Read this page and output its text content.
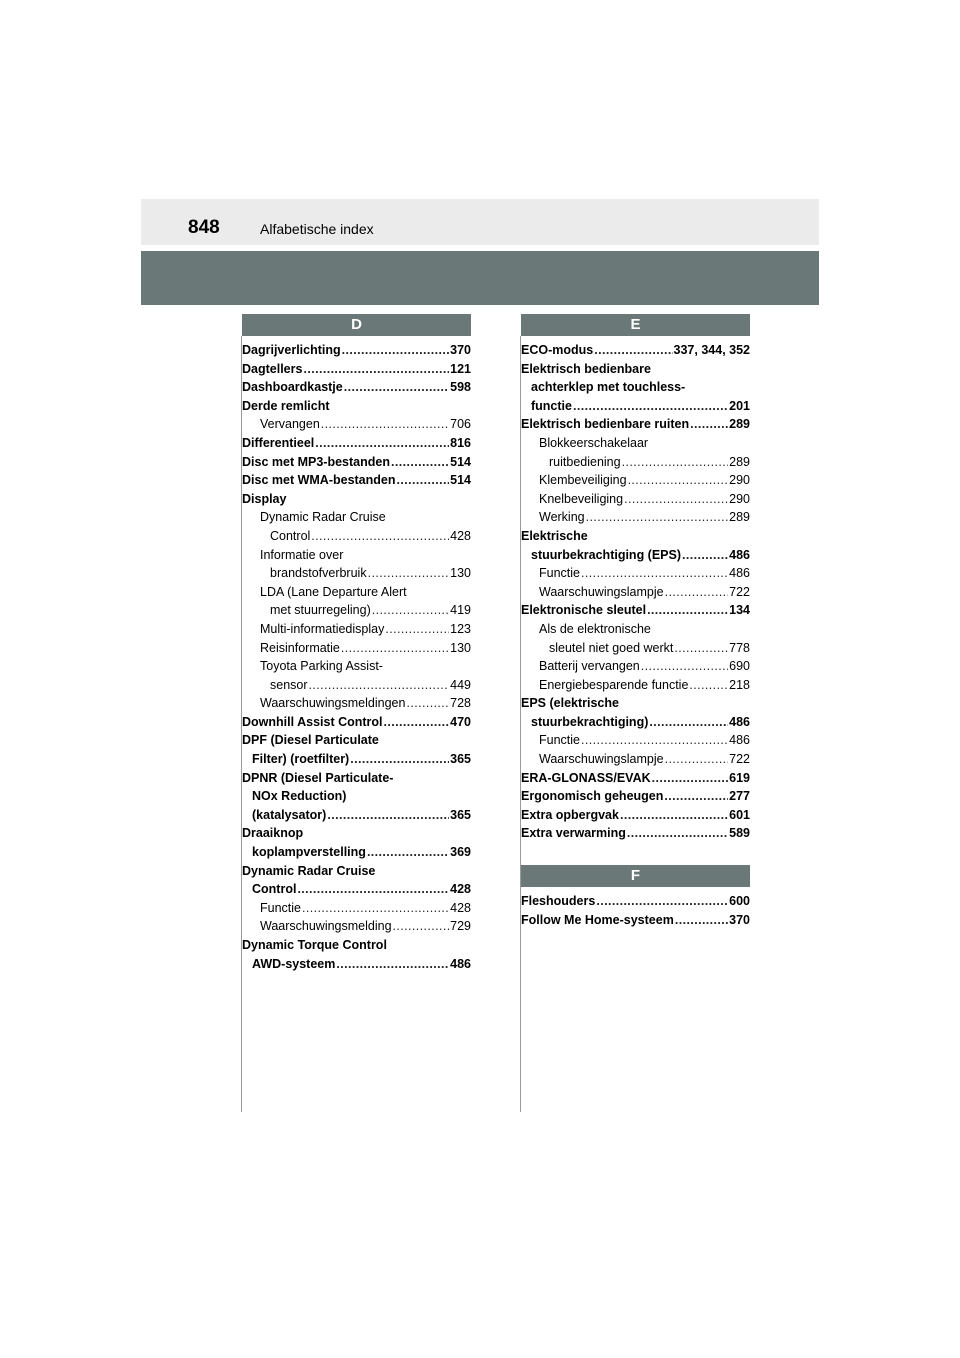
848	Alfabetische index
D
Dagrijverlichting .....	370
Dagtellers .....	121
Dashboardkastje .....	598
Derde remlicht
Vervangen .....	706
Differentieel .....	816
Disc met MP3-bestanden .....	514
Disc met WMA-bestanden .....	514
Display
Dynamic Radar Cruise
Control .....	428
Informatie over
brandstofverbruik .....	130
LDA (Lane Departure Alert
met stuurregeling) .....	419
Multi-informatiedisplay .....	123
Reisinformatie .....	130
Toyota Parking Assist-
sensor .....	449
Waarschuwingsmeldingen .....	728
Downhill Assist Control .....	470
DPF (Diesel Particulate
Filter) (roetfilter) .....	365
DPNR (Diesel Particulate-
NOx Reduction)
(katalysator) .....	365
Draaiknop
koplampverstelling .....	369
Dynamic Radar Cruise
Control .....	428
Functie .....	428
Waarschuwingsmelding .....	729
Dynamic Torque Control
AWD-systeem .....	486
E
ECO-modus .....	337, 344, 352
Elektrisch bedienbare
achterklep met touchless-
functie .....	201
Elektrisch bedienbare ruiten .....	289
Blokkeerschakelaar
ruitbediening .....	289
Klembeveiliging .....	290
Knelbeveiliging .....	290
Werking .....	289
Elektrische
stuurbekrachtiging (EPS) .....	486
Functie .....	486
Waarschuwingslampje .....	722
Elektronische sleutel .....	134
Als de elektronische
sleutel niet goed werkt .....	778
Batterij vervangen .....	690
Energiebesparende functie .....	218
EPS (elektrische
stuurbekrachtiging) .....	486
Functie .....	486
Waarschuwingslampje .....	722
ERA-GLONASS/EVAK .....	619
Ergonomisch geheugen .....	277
Extra opbergvak .....	601
Extra verwarming .....	589
F
Fleshouders .....	600
Follow Me Home-systeem .....	370
